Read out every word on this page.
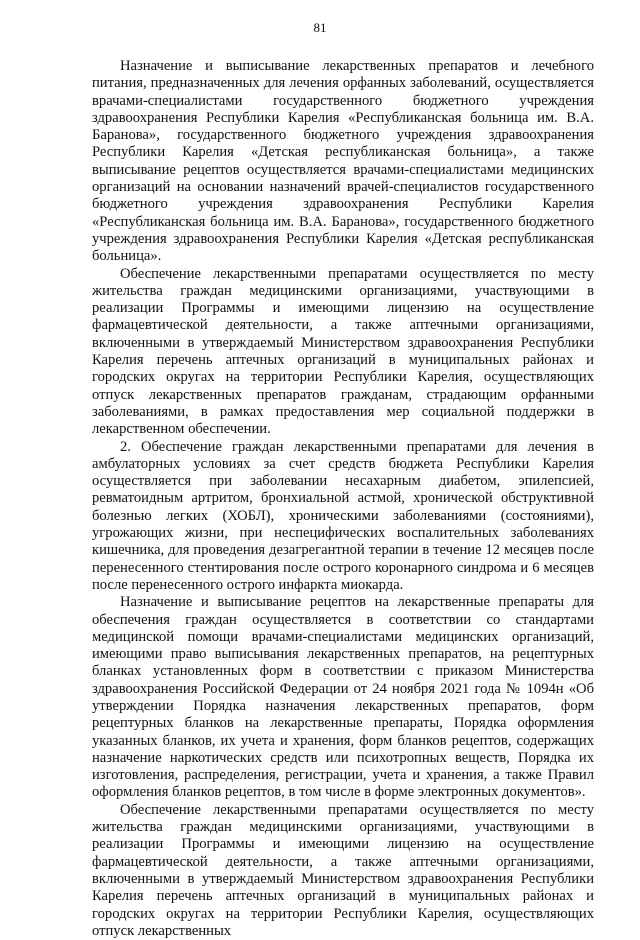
81

Назначение и выписывание лекарственных препаратов и лечебного питания, предназначенных для лечения орфанных заболеваний, осуществляется врачами-специалистами государственного бюджетного учреждения здравоохранения Республики Карелия «Республиканская больница им. В.А. Баранова», государственного бюджетного учреждения здравоохранения Республики Карелия «Детская республиканская больница», а также выписывание рецептов осуществляется врачами-специалистами медицинских организаций на основании назначений врачей-специалистов государственного бюджетного учреждения здравоохранения Республики Карелия «Республиканская больница им. В.А. Баранова», государственного бюджетного учреждения здравоохранения Республики Карелия «Детская республиканская больница».

Обеспечение лекарственными препаратами осуществляется по месту жительства граждан медицинскими организациями, участвующими в реализации Программы и имеющими лицензию на осуществление фармацевтической деятельности, а также аптечными организациями, включенными в утверждаемый Министерством здравоохранения Республики Карелия перечень аптечных организаций в муниципальных районах и городских округах на территории Республики Карелия, осуществляющих отпуск лекарственных препаратов гражданам, страдающим орфанными заболеваниями, в рамках предоставления мер социальной поддержки в лекарственном обеспечении.

2. Обеспечение граждан лекарственными препаратами для лечения в амбулаторных условиях за счет средств бюджета Республики Карелия осуществляется при заболевании несахарным диабетом, эпилепсией, ревматоидным артритом, бронхиальной астмой, хронической обструктивной болезнью легких (ХОБЛ), хроническими заболеваниями (состояниями), угрожающих жизни, при неспецифических воспалительных заболеваниях кишечника, для проведения дезагрегантной терапии в течение 12 месяцев после перенесенного стентирования после острого коронарного синдрома и 6 месяцев после перенесенного острого инфаркта миокарда.

Назначение и выписывание рецептов на лекарственные препараты для обеспечения граждан осуществляется в соответствии со стандартами медицинской помощи врачами-специалистами медицинских организаций, имеющими право выписывания лекарственных препаратов, на рецептурных бланках установленных форм в соответствии с приказом Министерства здравоохранения Российской Федерации от 24 ноября 2021 года № 1094н «Об утверждении Порядка назначения лекарственных препаратов, форм рецептурных бланков на лекарственные препараты, Порядка оформления указанных бланков, их учета и хранения, форм бланков рецептов, содержащих назначение наркотических средств или психотропных веществ, Порядка их изготовления, распределения, регистрации, учета и хранения, а также Правил оформления бланков рецептов, в том числе в форме электронных документов».

Обеспечение лекарственными препаратами осуществляется по месту жительства граждан медицинскими организациями, участвующими в реализации Программы и имеющими лицензию на осуществление фармацевтической деятельности, а также аптечными организациями, включенными в утверждаемый Министерством здравоохранения Республики Карелия перечень аптечных организаций в муниципальных районах и городских округах на территории Республики Карелия, осуществляющих отпуск лекарственных
